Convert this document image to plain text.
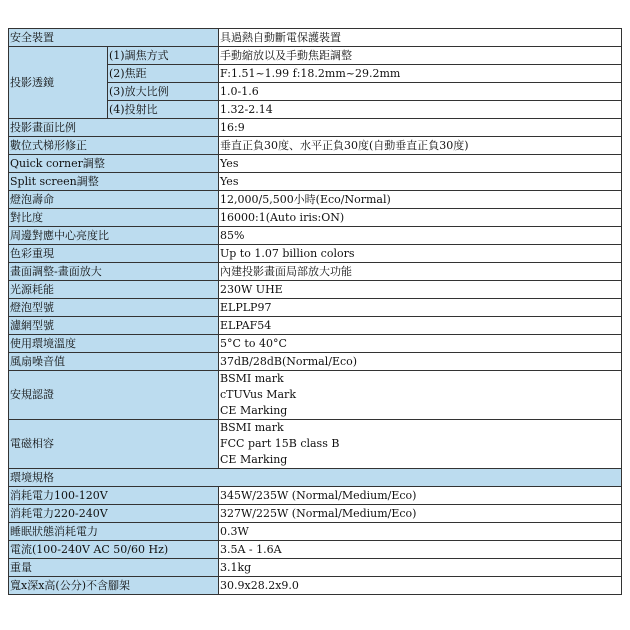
安全裝置		具過熱自動斷電保護裝置
投影透鏡	(1)調焦方式	手動縮放以及手動焦距調整
	(2)焦距	F:1.51~1.99 f:18.2mm~29.2mm
	(3)放大比例	1.0-1.6
	(4)投射比	1.32-2.14
投影畫面比例		16:9
數位式梯形修正		垂直正負30度、水平正負30度(自動垂直正負30度)
Quick corner調整		Yes
Split screen調整		Yes
燈泡壽命		12,000/5,500小時(Eco/Normal)
對比度		16000:1(Auto iris:ON)
周邊對應中心亮度比		85%
色彩重現		Up to 1.07 billion colors
畫面調整-畫面放大		內建投影畫面局部放大功能
光源耗能		230W UHE
燈泡型號		ELPLP97
濾網型號		ELPAF54
使用環境溫度		5°C to 40°C
風扇噪音值		37dB/28dB(Normal/Eco)
安規認證		BSMI mark
cTUVus Mark
CE Marking

電磁相容		BSMI mark
FCC part 15B class B
CE Marking

環境規格		
消耗電力100-120V		345W/235W (Normal/Medium/Eco)
消耗電力220-240V		327W/225W (Normal/Medium/Eco)
睡眠狀態消耗電力		0.3W
電流(100-240V AC 50/60 Hz)		3.5A - 1.6A
重量		3.1kg
寬x深x高(公分)不含腳架		30.9x28.2x9.0
